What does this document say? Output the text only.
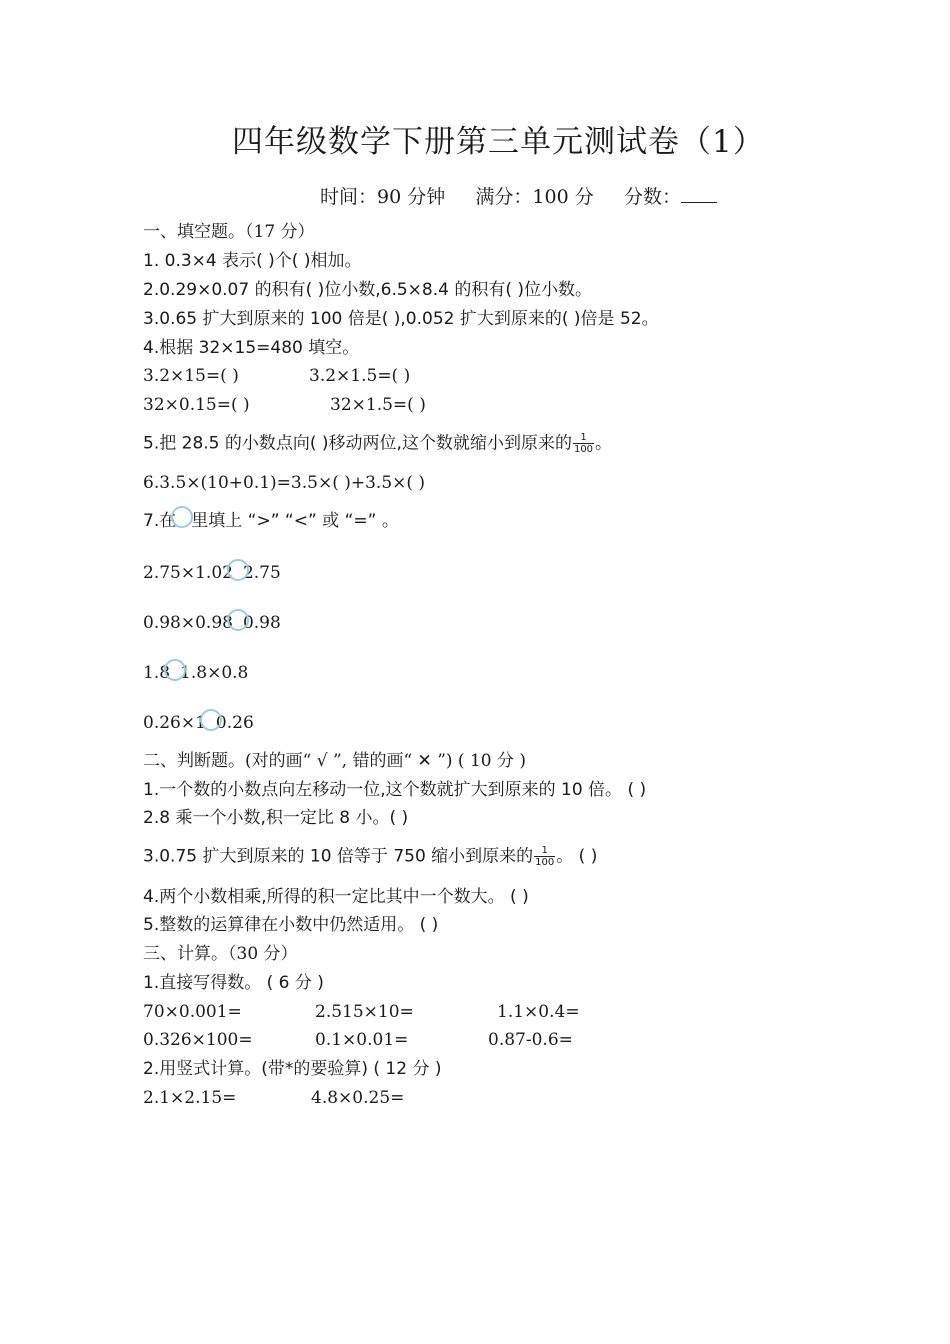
四年级数学下册第三单元测试卷（1）
时间：90 分钟 满分：100 分 分数：
一、填空题。（17 分）
1. 0.3×4 表示( )个( )相加。
2.0.29×0.07 的积有( )位小数,6.5×8.4 的积有( )位小数。
3.0.65 扩大到原来的 100 倍是( ),0.052 扩大到原来的( )倍是 52。
4.根据 32×15=480 填空。
3.2×15=( )	3.2×1.5=( )
32×0.15=( )	32×1.5=( )
5.把 28.5 的小数点向( )移动两位,这个数就缩小到原来的 $\frac{1}{100}$ 。
6.3.5×(10+0.1)=3.5×( )+3.5×( )
7.在 里填上 “>” “<” 或 “=” 。
2.75×1.02 2.75
0.98×0.98 0.98
1.8 1.8×0.8
0.26×1 0.26
二、判断题。(对的画“ √ ”, 错的画“ ✕ ”) ( 10 分 )
1.一个数的小数点向左移动一位,这个数就扩大到原来的 10 倍。 ( )
2.8 乘一个小数,积一定比 8 小。( )
3.0.75 扩大到原来的 10 倍等于 750 缩小到原来的 $\frac{1}{100}$ 。 ( )
4.两个小数相乘,所得的积一定比其中一个数大。 ( )
5.整数的运算律在小数中仍然适用。 ( )
三、计算。（30 分）
1.直接写得数。 ( 6 分 )
70×0.001=	2.515×10=	1.1×0.4=
0.326×100=	0.1×0.01=	0.87-0.6=
2.用竖式计算。(带*的要验算) ( 12 分 )
2.1×2.15=	4.8×0.25=
